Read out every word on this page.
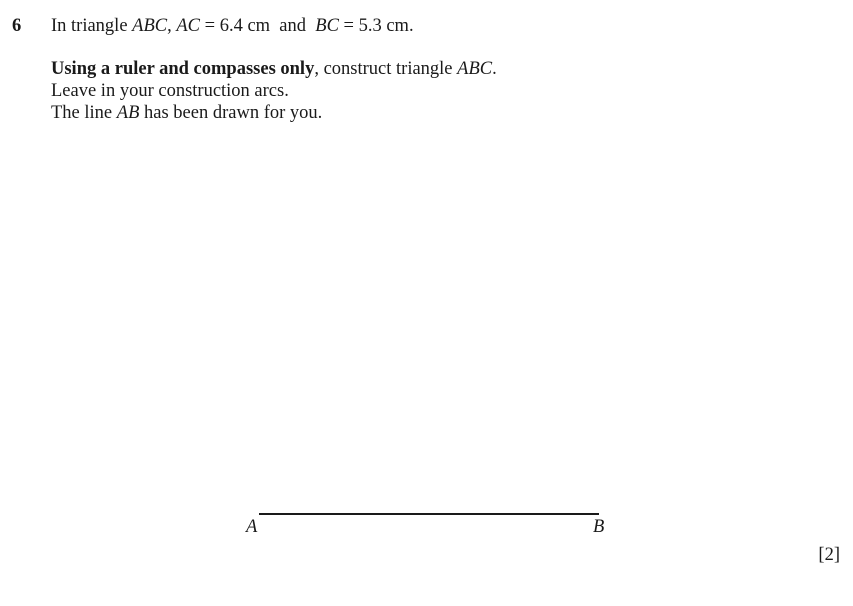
6 In triangle ABC, AC = 6.4 cm  and  BC = 5.3 cm.
Using a ruler and compasses only, construct triangle ABC.
Leave in your construction arcs.
The line AB has been drawn for you.
A	B
[2]
